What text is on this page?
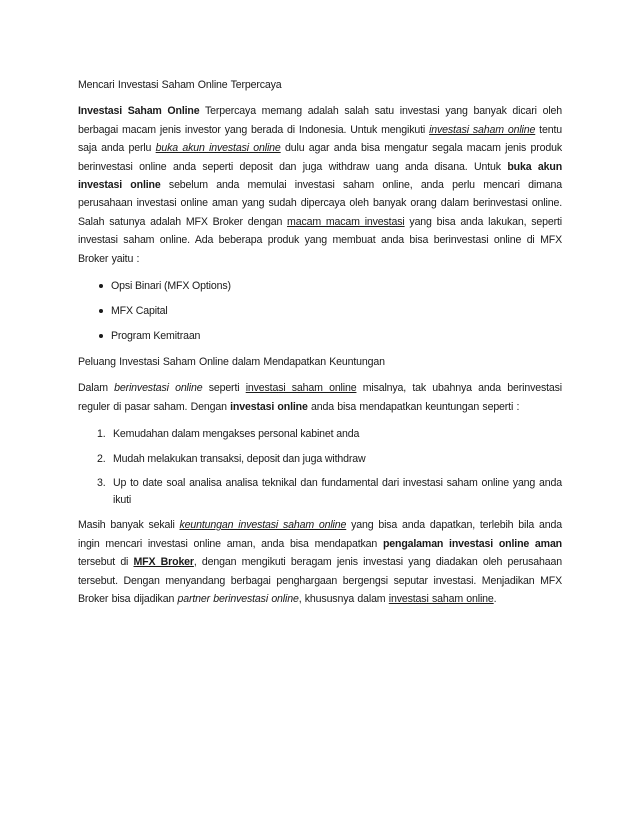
Mencari Investasi Saham Online Terpercaya

Investasi Saham Online Terpercaya memang adalah salah satu investasi yang banyak dicari oleh berbagai macam jenis investor yang berada di Indonesia. Untuk mengikuti investasi saham online tentu saja anda perlu buka akun investasi online dulu agar anda bisa mengatur segala macam jenis produk berinvestasi online anda seperti deposit dan juga withdraw uang anda disana. Untuk buka akun investasi online sebelum anda memulai investasi saham online, anda perlu mencari dimana perusahaan investasi online aman yang sudah dipercaya oleh banyak orang dalam berinvestasi online. Salah satunya adalah MFX Broker dengan macam macam investasi yang bisa anda lakukan, seperti investasi saham online. Ada beberapa produk yang membuat anda bisa berinvestasi online di MFX Broker yaitu :

Opsi Binari (MFX Options)
MFX Capital
Program Kemitraan

Peluang Investasi Saham Online dalam Mendapatkan Keuntungan

Dalam berinvestasi online seperti investasi saham online misalnya, tak ubahnya anda berinvestasi reguler di pasar saham. Dengan investasi online anda bisa mendapatkan keuntungan seperti :

1. Kemudahan dalam mengakses personal kabinet anda
2. Mudah melakukan transaksi, deposit dan juga withdraw
3. Up to date soal analisa analisa teknikal dan fundamental dari investasi saham online yang anda ikuti

Masih banyak sekali keuntungan investasi saham online yang bisa anda dapatkan, terlebih bila anda ingin mencari investasi online aman, anda bisa mendapatkan pengalaman investasi online aman tersebut di MFX Broker, dengan mengikuti beragam jenis investasi yang diadakan oleh perusahaan tersebut. Dengan menyandang berbagai penghargaan bergengsi seputar investasi. Menjadikan MFX Broker bisa dijadikan partner berinvestasi online, khususnya dalam investasi saham online.
